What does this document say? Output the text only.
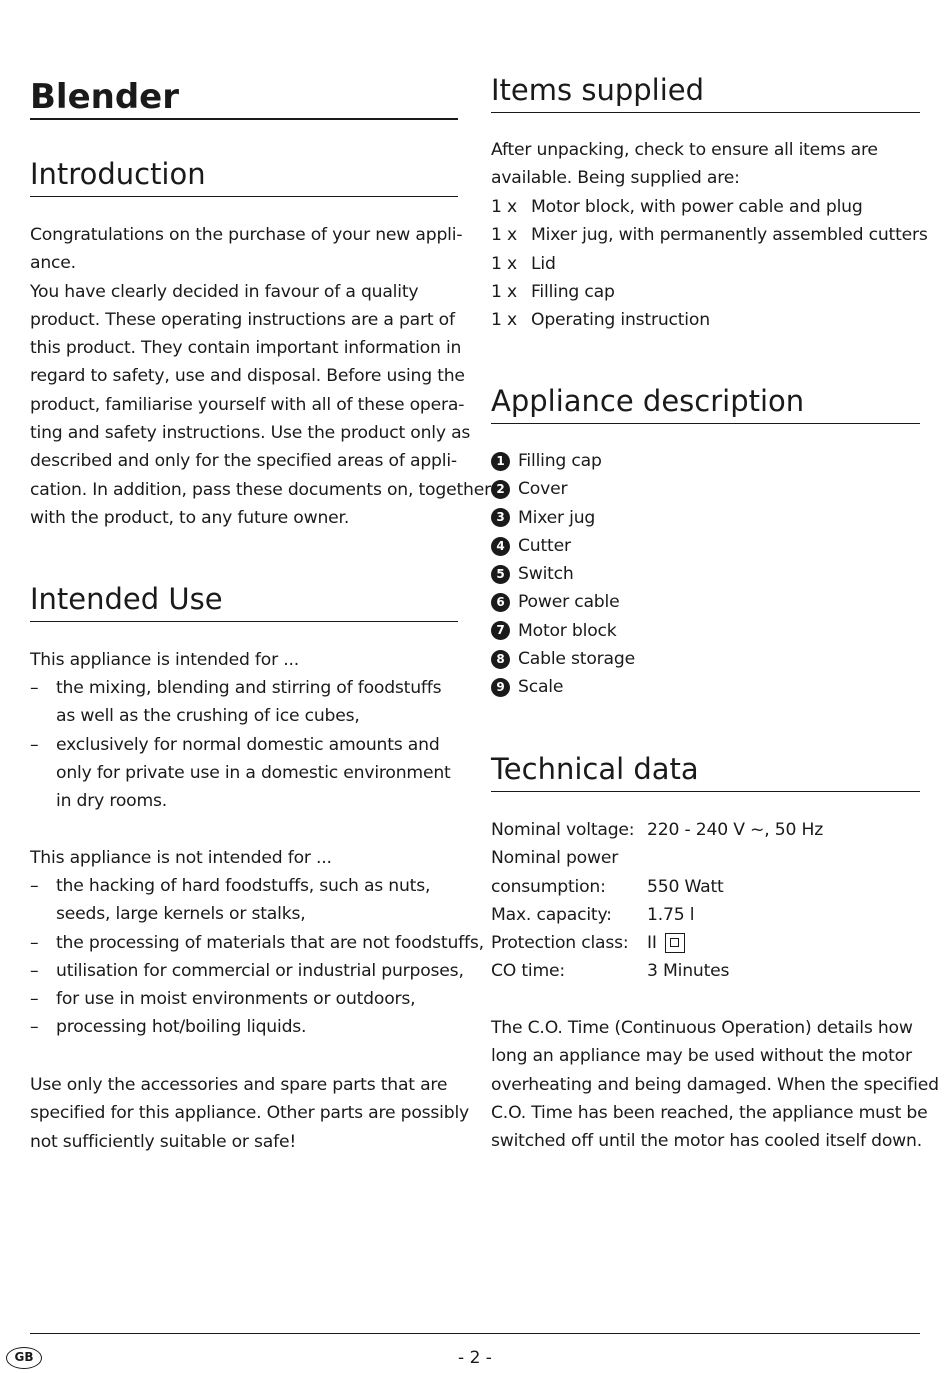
Blender
Introduction
Congratulations on the purchase of your new appli-
ance.
You have clearly decided in favour of a quality
product. These operating instructions are a part of
this product. They contain important information in
regard to safety, use and disposal. Before using the
product, familiarise yourself with all of these opera-
ting and safety instructions. Use the product only as
described and only for the specified areas of appli-
cation. In addition, pass these documents on, together
with the product, to any future owner.
Intended Use
This appliance is intended for ...
– the mixing, blending and stirring of foodstuffs
as well as the crushing of ice cubes,
– exclusively for normal domestic amounts and
only for private use in a domestic environment
in dry rooms.
This appliance is not intended for ...
– the hacking of hard foodstuffs, such as nuts,
seeds, large kernels or stalks,
– the processing of materials that are not foodstuffs,
– utilisation for commercial or industrial purposes,
– for use in moist environments or outdoors,
– processing hot/boiling liquids.
Use only the accessories and spare parts that are
specified for this appliance. Other parts are possibly
not sufficiently suitable or safe!
Items supplied
After unpacking, check to ensure all items are
available. Being supplied are:
1 x Motor block, with power cable and plug
1 x Mixer jug, with permanently assembled cutters
1 x Lid
1 x Filling cap
1 x Operating instruction
Appliance description
1 Filling cap
2 Cover
3 Mixer jug
4 Cutter
5 Switch
6 Power cable
7 Motor block
8 Cable storage
9 Scale
Technical data
Nominal voltage: 220 - 240 V ~, 50 Hz
Nominal power
consumption:	550 Watt
Max. capacity:	1.75 l
Protection class:	II
CO time:	3 Minutes
The C.O. Time (Continuous Operation) details how
long an appliance may be used without the motor
overheating and being damaged. When the specified
C.O. Time has been reached, the appliance must be
switched off until the motor has cooled itself down.
GB	- 2 -
